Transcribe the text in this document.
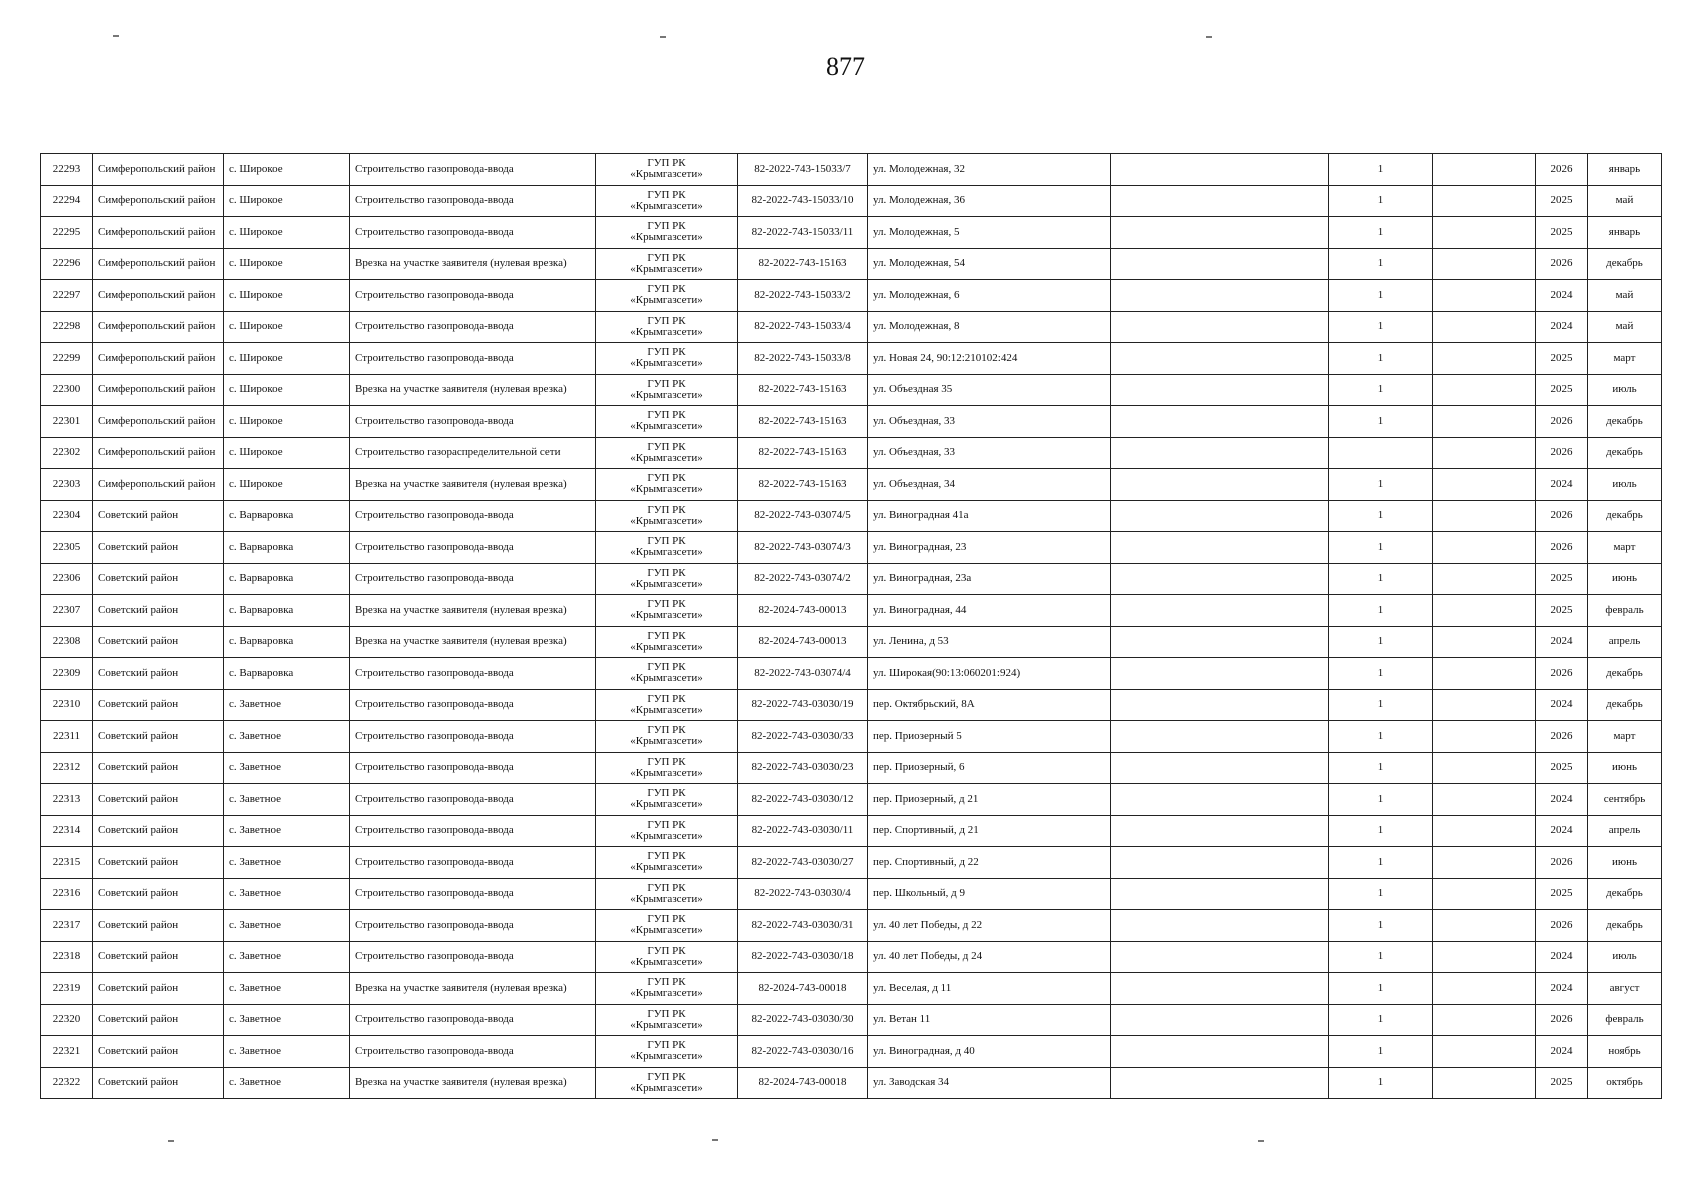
877
22293	Симферопольский район	с. Широкое	Строительство газопровода-ввода	ГУП РК
«Крымгазсети»	82-2022-743-15033/7	ул. Молодежная, 32		1		2026	январь
22294	Симферопольский район	с. Широкое	Строительство газопровода-ввода	ГУП РК
«Крымгазсети»	82-2022-743-15033/10	ул. Молодежная, 36		1		2025	май
22295	Симферопольский район	с. Широкое	Строительство газопровода-ввода	ГУП РК
«Крымгазсети»	82-2022-743-15033/11	ул. Молодежная, 5		1		2025	январь
22296	Симферопольский район	с. Широкое	Врезка на участке заявителя (нулевая врезка)	ГУП РК
«Крымгазсети»	82-2022-743-15163	ул. Молодежная, 54		1		2026	декабрь
22297	Симферопольский район	с. Широкое	Строительство газопровода-ввода	ГУП РК
«Крымгазсети»	82-2022-743-15033/2	ул. Молодежная, 6		1		2024	май
22298	Симферопольский район	с. Широкое	Строительство газопровода-ввода	ГУП РК
«Крымгазсети»	82-2022-743-15033/4	ул. Молодежная, 8		1		2024	май
22299	Симферопольский район	с. Широкое	Строительство газопровода-ввода	ГУП РК
«Крымгазсети»	82-2022-743-15033/8	ул. Новая 24, 90:12:210102:424		1		2025	март
22300	Симферопольский район	с. Широкое	Врезка на участке заявителя (нулевая врезка)	ГУП РК
«Крымгазсети»	82-2022-743-15163	ул. Объездная 35		1		2025	июль
22301	Симферопольский район	с. Широкое	Строительство газопровода-ввода	ГУП РК
«Крымгазсети»	82-2022-743-15163	ул. Объездная, 33		1		2026	декабрь
22302	Симферопольский район	с. Широкое	Строительство газораспределительной сети	ГУП РК
«Крымгазсети»	82-2022-743-15163	ул. Объездная, 33				2026	декабрь
22303	Симферопольский район	с. Широкое	Врезка на участке заявителя (нулевая врезка)	ГУП РК
«Крымгазсети»	82-2022-743-15163	ул. Объездная, 34		1		2024	июль
22304	Советский район	с. Варваровка	Строительство газопровода-ввода	ГУП РК
«Крымгазсети»	82-2022-743-03074/5	ул. Виноградная 41а		1		2026	декабрь
22305	Советский район	с. Варваровка	Строительство газопровода-ввода	ГУП РК
«Крымгазсети»	82-2022-743-03074/3	ул. Виноградная, 23		1		2026	март
22306	Советский район	с. Варваровка	Строительство газопровода-ввода	ГУП РК
«Крымгазсети»	82-2022-743-03074/2	ул. Виноградная, 23а		1		2025	июнь
22307	Советский район	с. Варваровка	Врезка на участке заявителя (нулевая врезка)	ГУП РК
«Крымгазсети»	82-2024-743-00013	ул. Виноградная, 44		1		2025	февраль
22308	Советский район	с. Варваровка	Врезка на участке заявителя (нулевая врезка)	ГУП РК
«Крымгазсети»	82-2024-743-00013	ул. Ленина, д 53		1		2024	апрель
22309	Советский район	с. Варваровка	Строительство газопровода-ввода	ГУП РК
«Крымгазсети»	82-2022-743-03074/4	ул. Широкая(90:13:060201:924)		1		2026	декабрь
22310	Советский район	с. Заветное	Строительство газопровода-ввода	ГУП РК
«Крымгазсети»	82-2022-743-03030/19	пер. Октябрьский, 8А		1		2024	декабрь
22311	Советский район	с. Заветное	Строительство газопровода-ввода	ГУП РК
«Крымгазсети»	82-2022-743-03030/33	пер. Приозерный 5		1		2026	март
22312	Советский район	с. Заветное	Строительство газопровода-ввода	ГУП РК
«Крымгазсети»	82-2022-743-03030/23	пер. Приозерный, 6		1		2025	июнь
22313	Советский район	с. Заветное	Строительство газопровода-ввода	ГУП РК
«Крымгазсети»	82-2022-743-03030/12	пер. Приозерный, д 21		1		2024	сентябрь
22314	Советский район	с. Заветное	Строительство газопровода-ввода	ГУП РК
«Крымгазсети»	82-2022-743-03030/11	пер. Спортивный, д 21		1		2024	апрель
22315	Советский район	с. Заветное	Строительство газопровода-ввода	ГУП РК
«Крымгазсети»	82-2022-743-03030/27	пер. Спортивный, д 22		1		2026	июнь
22316	Советский район	с. Заветное	Строительство газопровода-ввода	ГУП РК
«Крымгазсети»	82-2022-743-03030/4	пер. Школьный, д 9		1		2025	декабрь
22317	Советский район	с. Заветное	Строительство газопровода-ввода	ГУП РК
«Крымгазсети»	82-2022-743-03030/31	ул. 40 лет Победы, д 22		1		2026	декабрь
22318	Советский район	с. Заветное	Строительство газопровода-ввода	ГУП РК
«Крымгазсети»	82-2022-743-03030/18	ул. 40 лет Победы, д 24		1		2024	июль
22319	Советский район	с. Заветное	Врезка на участке заявителя (нулевая врезка)	ГУП РК
«Крымгазсети»	82-2024-743-00018	ул. Веселая, д 11		1		2024	август
22320	Советский район	с. Заветное	Строительство газопровода-ввода	ГУП РК
«Крымгазсети»	82-2022-743-03030/30	ул. Ветан 11		1		2026	февраль
22321	Советский район	с. Заветное	Строительство газопровода-ввода	ГУП РК
«Крымгазсети»	82-2022-743-03030/16	ул. Виноградная, д 40		1		2024	ноябрь
22322	Советский район	с. Заветное	Врезка на участке заявителя (нулевая врезка)	ГУП РК
«Крымгазсети»	82-2024-743-00018	ул. Заводская 34		1		2025	октябрь
